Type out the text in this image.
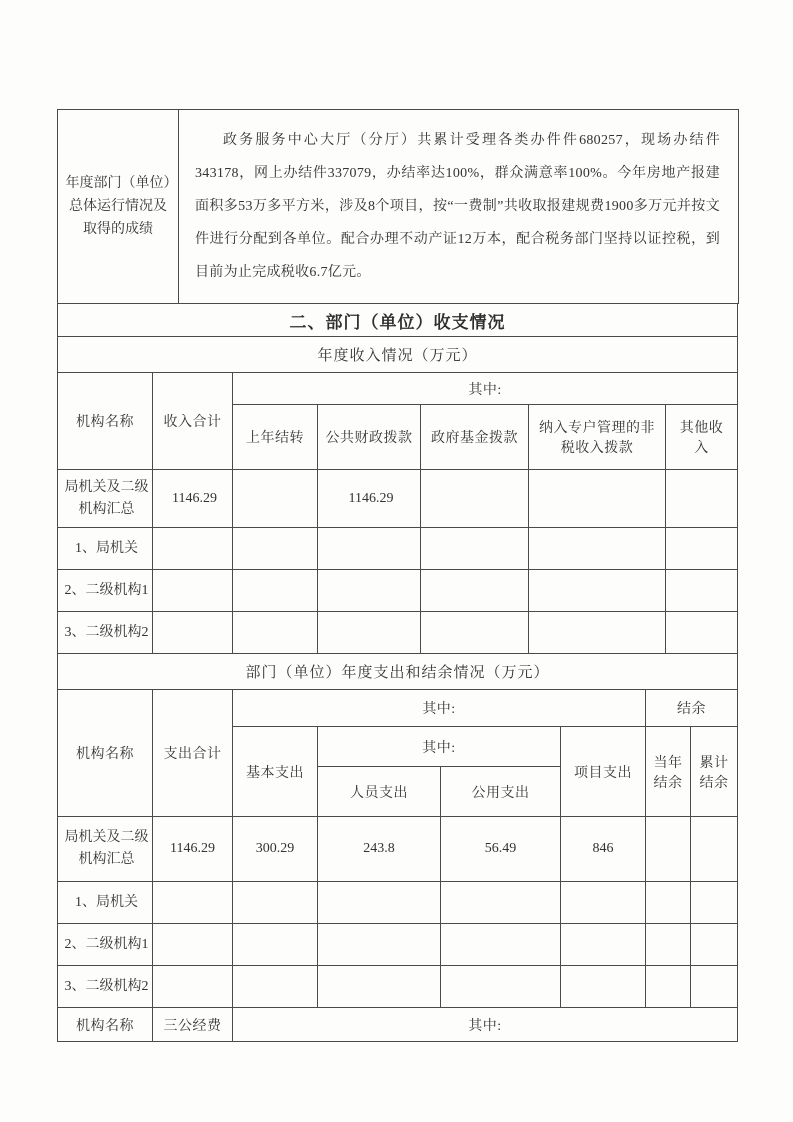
年度部门（单位）总体运行情况及取得的成绩	

政务服务中心大厅（分厅）共累计受理各类办件件680257，现场办结件343178，网上办结件337079，办结率达100%，群众满意率100%。今年房地产报建面积多53万多平方米，涉及8个项目，按“一费制”共收取报建规费1900多万元并按文件进行分配到各单位。配合办理不动产证12万本，配合税务部门坚持以证控税，到目前为止完成税收6.7亿元。

二、部门（单位）收支情况
年度收入情况（万元）
机构名称	收入合计	其中:				
		上年结转	公共财政拨款	政府基金拨款	纳入专户管理的非税收入拨款	其他收入
局机关及二级机构汇总	1146.29		1146.29			
1、局机关						
2、二级机构1						
3、二级机构2						
部门（单位）年度支出和结余情况（万元）
机构名称	支出合计	其中:				结余	
		基本支出	其中:		项目支出	当年结余	累计结余
			人员支出	公用支出			
局机关及二级机构汇总	1146.29	300.29	243.8	56.49	846		
1、局机关							
2、二级机构1							
3、二级机构2							
机构名称	三公经费	其中:
